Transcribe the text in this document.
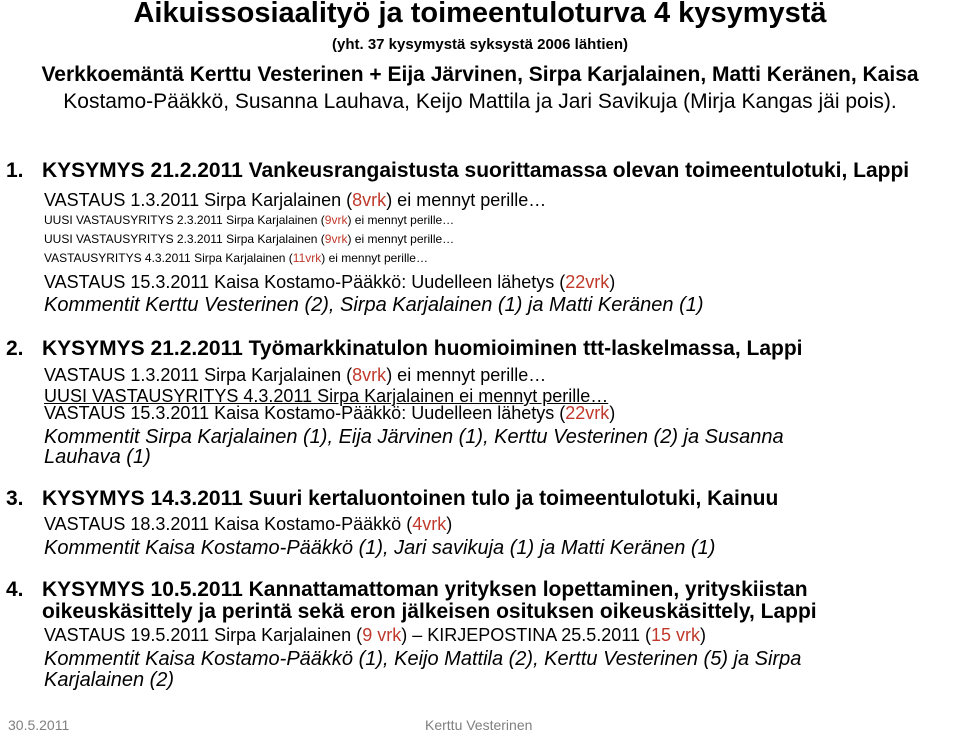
Aikuissosiaalityö ja toimeentuloturva 4 kysymystä
(yht. 37 kysymystä syksystä 2006 lähtien)
Verkkoemäntä Kerttu Vesterinen + Eija Järvinen, Sirpa Karjalainen, Matti Keränen, Kaisa
Kostamo-Pääkkö, Susanna Lauhava, Keijo Mattila ja Jari Savikuja (Mirja Kangas jäi pois).
1. KYSYMYS 21.2.2011 Vankeusrangaistusta suorittamassa olevan toimeentulotuki, Lappi
VASTAUS 1.3.2011 Sirpa Karjalainen (8vrk) ei mennyt perille…
UUSI VASTAUSYRITYS 2.3.2011 Sirpa Karjalainen (9vrk) ei mennyt perille…
UUSI VASTAUSYRITYS 2.3.2011 Sirpa Karjalainen (9vrk) ei mennyt perille…
VASTAUSYRITYS 4.3.2011 Sirpa Karjalainen (11vrk) ei mennyt perille…
VASTAUS 15.3.2011 Kaisa Kostamo-Pääkkö: Uudelleen lähetys (22vrk)
Kommentit Kerttu Vesterinen (2), Sirpa Karjalainen (1) ja Matti Keränen (1)
2. KYSYMYS 21.2.2011 Työmarkkinatulon huomioiminen ttt-laskelmassa, Lappi
VASTAUS 1.3.2011 Sirpa Karjalainen (8vrk) ei mennyt perille…
UUSI VASTAUSYRITYS 4.3.2011 Sirpa Karjalainen ei mennyt perille…
VASTAUS 15.3.2011 Kaisa Kostamo-Pääkkö: Uudelleen lähetys (22vrk)
Kommentit Sirpa Karjalainen (1), Eija Järvinen (1), Kerttu Vesterinen (2) ja Susanna
Lauhava (1)
3. KYSYMYS 14.3.2011 Suuri kertaluontoinen tulo ja toimeentulotuki, Kainuu
VASTAUS 18.3.2011 Kaisa Kostamo-Pääkkö (4vrk)
Kommentit Kaisa Kostamo-Pääkkö (1), Jari savikuja (1) ja Matti Keränen (1)
4. KYSYMYS 10.5.2011 Kannattamattoman yrityksen lopettaminen, yrityskiistan
oikeuskäsittely ja perintä sekä eron jälkeisen osituksen oikeuskäsittely, Lappi
VASTAUS 19.5.2011 Sirpa Karjalainen (9 vrk) – KIRJEPOSTINA 25.5.2011 (15 vrk)
Kommentit Kaisa Kostamo-Pääkkö (1), Keijo Mattila (2), Kerttu Vesterinen (5) ja Sirpa
Karjalainen (2)
30.5.2011	Kerttu Vesterinen
